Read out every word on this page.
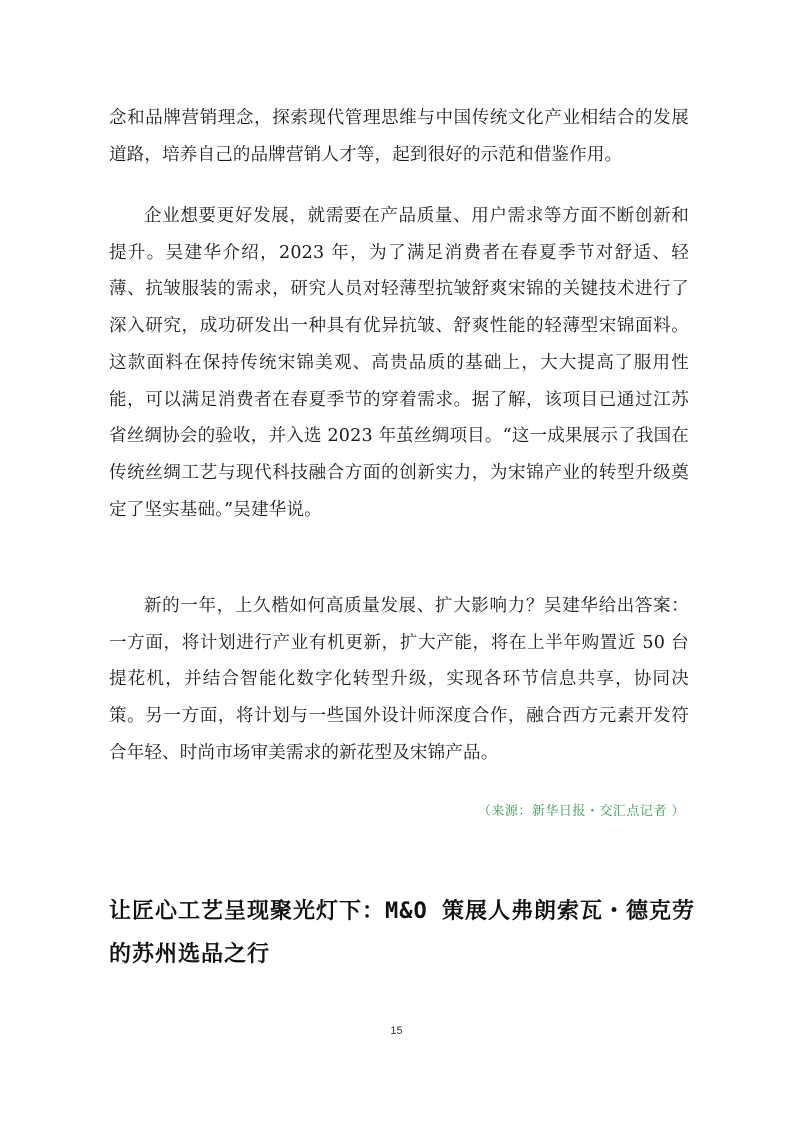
念和品牌营销理念，探索现代管理思维与中国传统文化产业相结合的发展道路，培养自己的品牌营销人才等，起到很好的示范和借鉴作用。

企业想要更好发展，就需要在产品质量、用户需求等方面不断创新和提升。吴建华介绍，2023 年，为了满足消费者在春夏季节对舒适、轻薄、抗皱服装的需求，研究人员对轻薄型抗皱舒爽宋锦的关键技术进行了深入研究，成功研发出一种具有优异抗皱、舒爽性能的轻薄型宋锦面料。这款面料在保持传统宋锦美观、高贵品质的基础上，大大提高了服用性能，可以满足消费者在春夏季节的穿着需求。据了解，该项目已通过江苏省丝绸协会的验收，并入选 2023 年茧丝绸项目。“这一成果展示了我国在传统丝绸工艺与现代科技融合方面的创新实力，为宋锦产业的转型升级奠定了坚实基础。”吴建华说。

新的一年，上久楷如何高质量发展、扩大影响力？吴建华给出答案：一方面，将计划进行产业有机更新，扩大产能，将在上半年购置近 50 台提花机，并结合智能化数字化转型升级，实现各环节信息共享，协同决策。另一方面，将计划与一些国外设计师深度合作，融合西方元素开发符合年轻、时尚市场审美需求的新花型及宋锦产品。

（来源：新华日报・交汇点记者 ）
让匠心工艺呈现聚光灯下：M&O 策展人弗朗索瓦・德克劳的苏州选品之行
15
